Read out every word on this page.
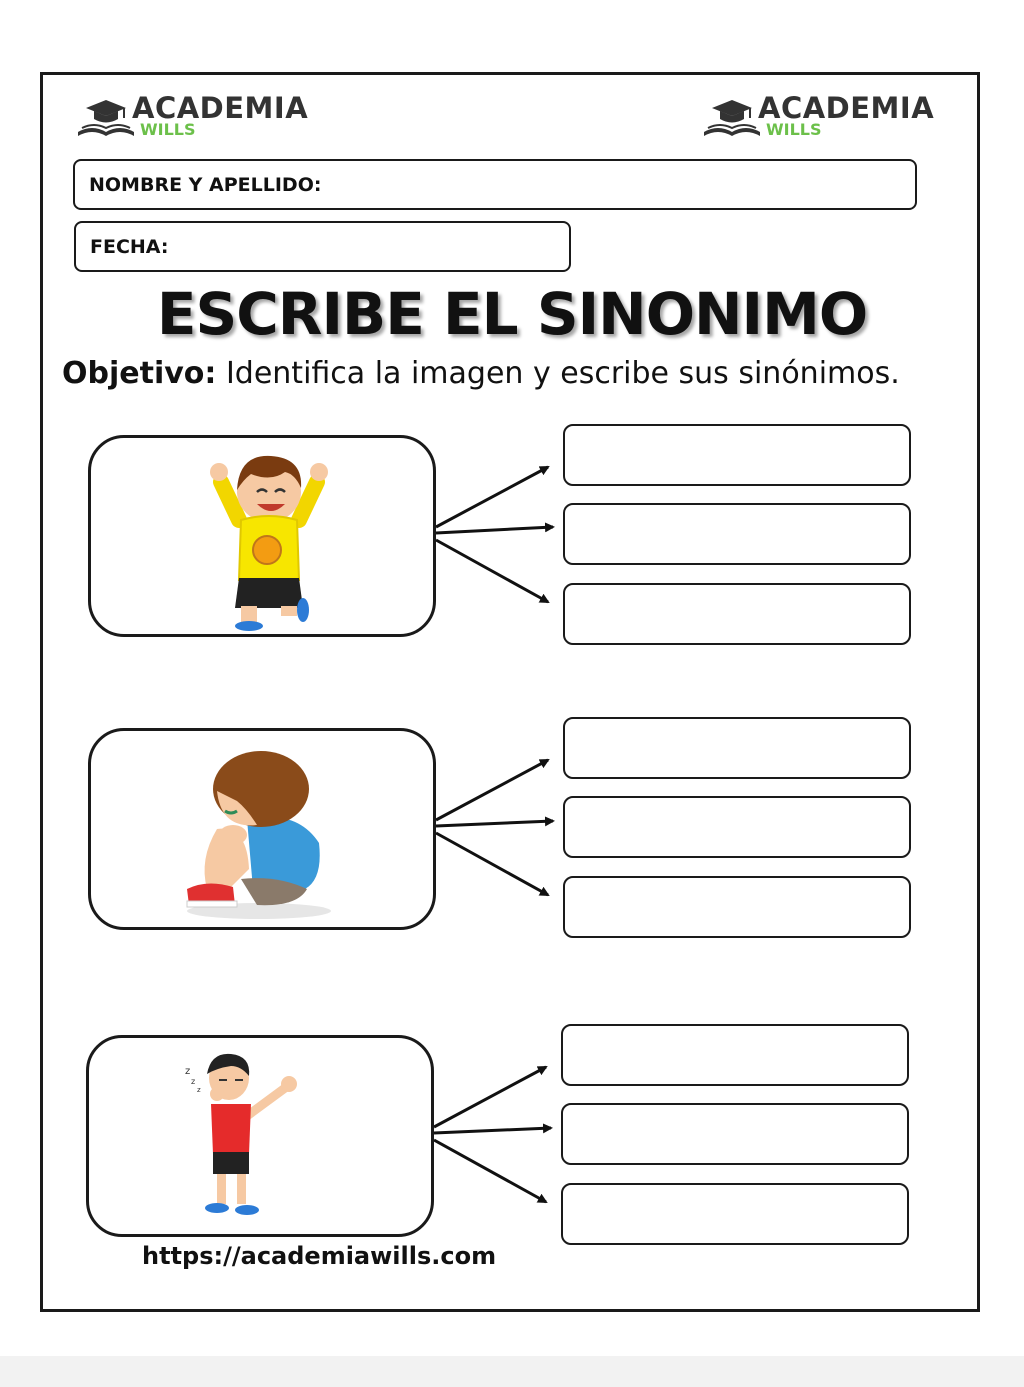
ACADEMIA
WILLS
ACADEMIA
WILLS
NOMBRE Y APELLIDO:
FECHA:
ESCRIBE EL SINONIMO
Objetivo: Identifica la imagen y escribe sus sinónimos.
z
z
z
https://academiawills.com
